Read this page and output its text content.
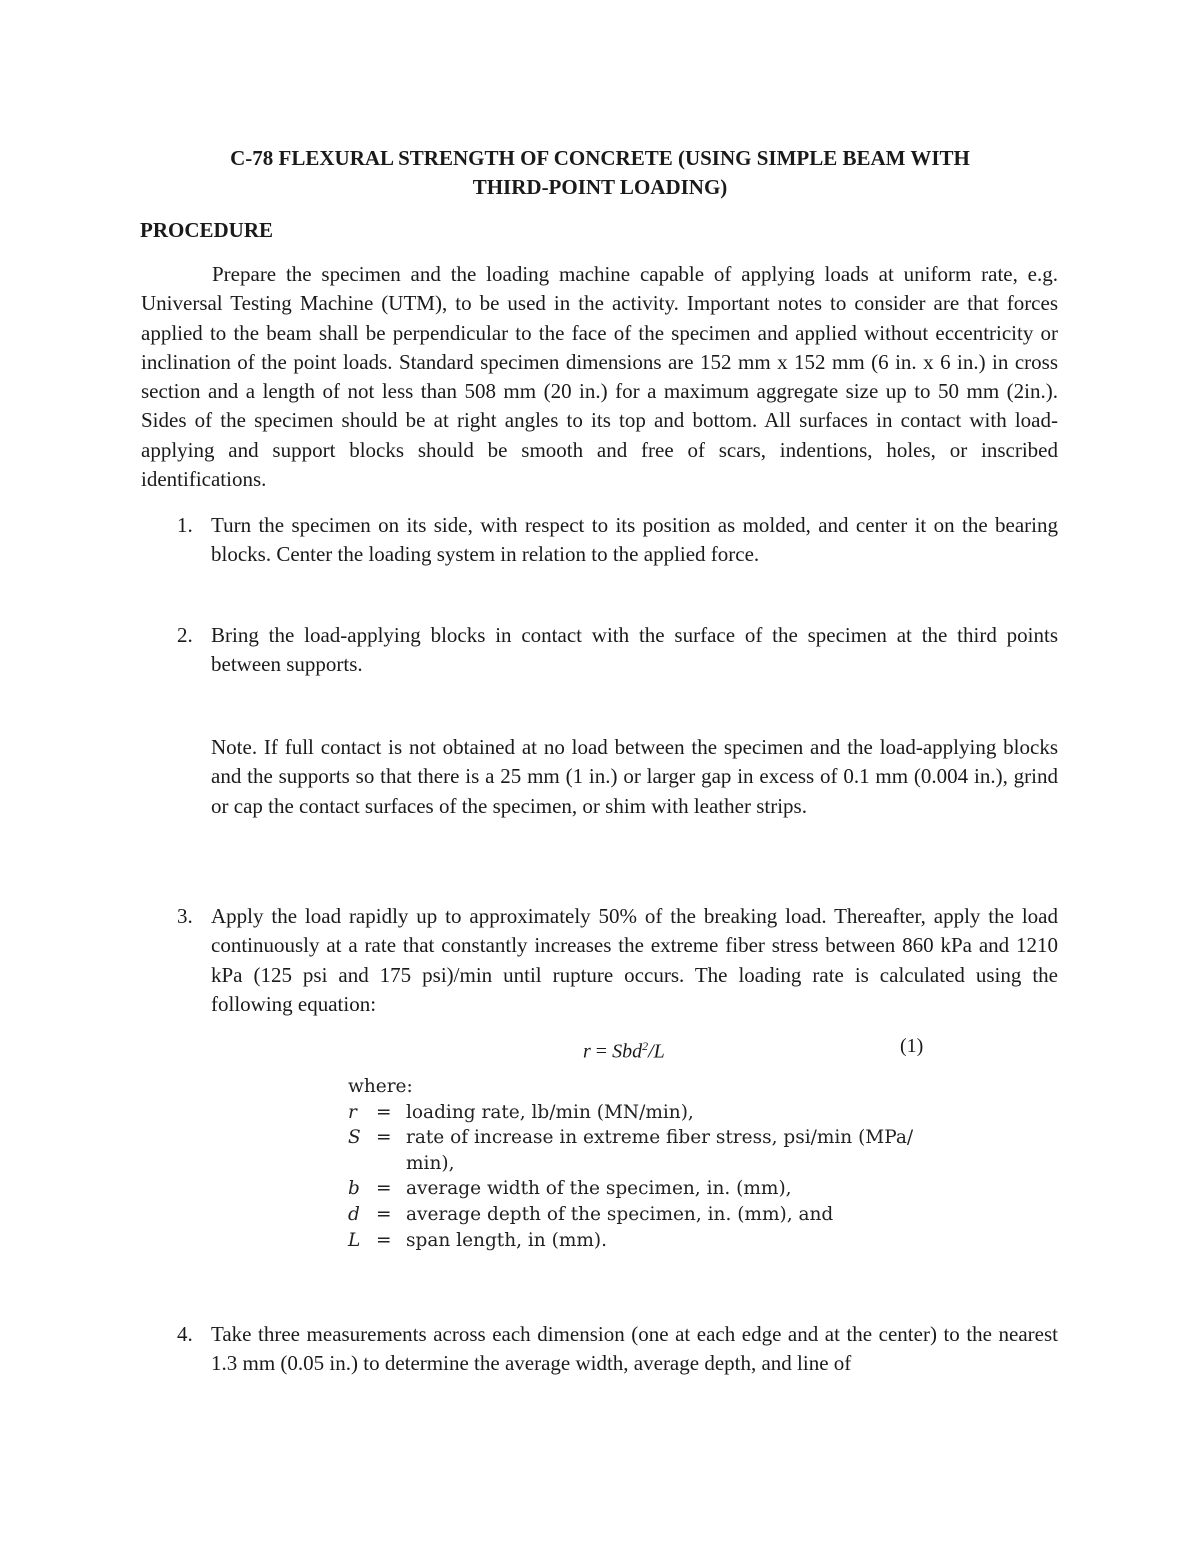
C-78 FLEXURAL STRENGTH OF CONCRETE (USING SIMPLE BEAM WITH
THIRD-POINT LOADING)
PROCEDURE
Prepare the specimen and the loading machine capable of applying loads at uniform rate, e.g. Universal Testing Machine (UTM), to be used in the activity. Important notes to consider are that forces applied to the beam shall be perpendicular to the face of the specimen and applied without eccentricity or inclination of the point loads. Standard specimen dimensions are 152 mm x 152 mm (6 in. x 6 in.) in cross section and a length of not less than 508 mm (20 in.) for a maximum aggregate size up to 50 mm (2in.). Sides of the specimen should be at right angles to its top and bottom. All surfaces in contact with load-applying and support blocks should be smooth and free of scars, indentions, holes, or inscribed identifications.
1. Turn the specimen on its side, with respect to its position as molded, and center it on the bearing blocks. Center the loading system in relation to the applied force.
2. Bring the load-applying blocks in contact with the surface of the specimen at the third points between supports.
Note. If full contact is not obtained at no load between the specimen and the load-applying blocks and the supports so that there is a 25 mm (1 in.) or larger gap in excess of 0.1 mm (0.004 in.), grind or cap the contact surfaces of the specimen, or shim with leather strips.
3. Apply the load rapidly up to approximately 50% of the breaking load. Thereafter, apply the load continuously at a rate that constantly increases the extreme fiber stress between 860 kPa and 1210 kPa (125 psi and 175 psi)/min until rupture occurs. The loading rate is calculated using the following equation:
r = Sbd$^2$/L	(1)
where:
r	= loading rate, lb/min (MN/min),
S = rate of increase in extreme fiber stress, psi/min (MPa/
min),
b = average width of the specimen, in. (mm),
d = average depth of the specimen, in. (mm), and
L = span length, in (mm).
4. Take three measurements across each dimension (one at each edge and at the center) to the nearest 1.3 mm (0.05 in.) to determine the average width, average depth, and line of
